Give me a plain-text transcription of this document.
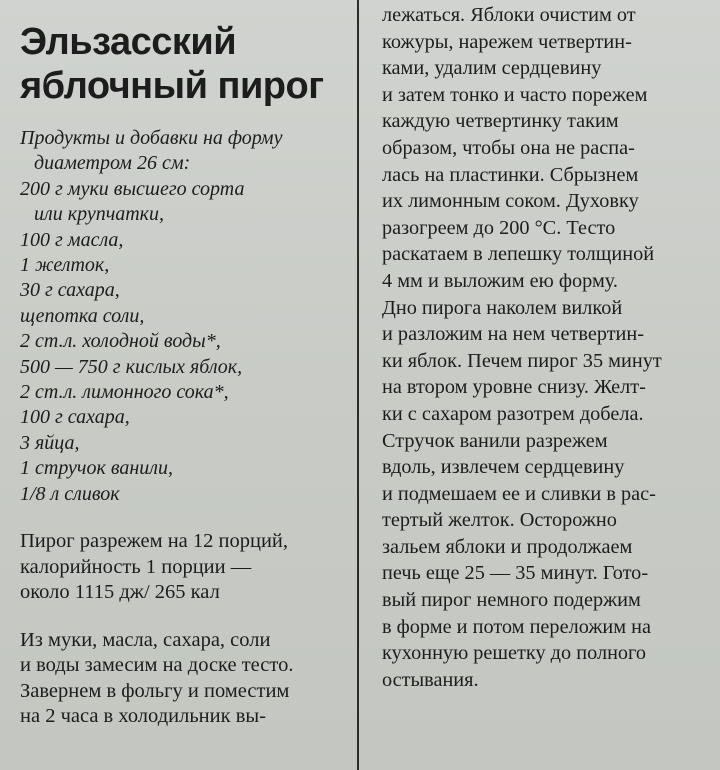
Эльзасский
яблочный пирог
Продукты и добавки на форму
диаметром 26 см:
200 г муки высшего сорта
или крупчатки,
100 г масла,
1 желток,
30 г сахара,
щепотка соли,
2 ст.л. холодной воды*,
500 — 750 г кислых яблок,
2 ст.л. лимонного сока*,
100 г сахара,
3 яйца,
1 стручок ванили,
1/8 л сливок
Пирог разрежем на 12 порций,
калорийность 1 порции —
около 1115 дж/ 265 кал
Из муки, масла, сахара, соли
и воды замесим на доске тесто.
Завернем в фольгу и поместим
на 2 часа в холодильник вы-
лежаться. Яблоки очистим от
кожуры, нарежем четвертин-
ками, удалим сердцевину
и затем тонко и часто порежем
каждую четвертинку таким
образом, чтобы она не распа-
лась на пластинки. Сбрызнем
их лимонным соком. Духовку
разогреем до 200 °С. Тесто
раскатаем в лепешку толщиной
4 мм и выложим ею форму.
Дно пирога наколем вилкой
и разложим на нем четвертин-
ки яблок. Печем пирог 35 минут
на втором уровне снизу. Желт-
ки с сахаром разотрем добела.
Стручок ванили разрежем
вдоль, извлечем сердцевину
и подмешаем ее и сливки в рас-
тертый желток. Осторожно
зальем яблоки и продолжаем
печь еще 25 — 35 минут. Гото-
вый пирог немного подержим
в форме и потом переложим на
кухонную решетку до полного
остывания.
